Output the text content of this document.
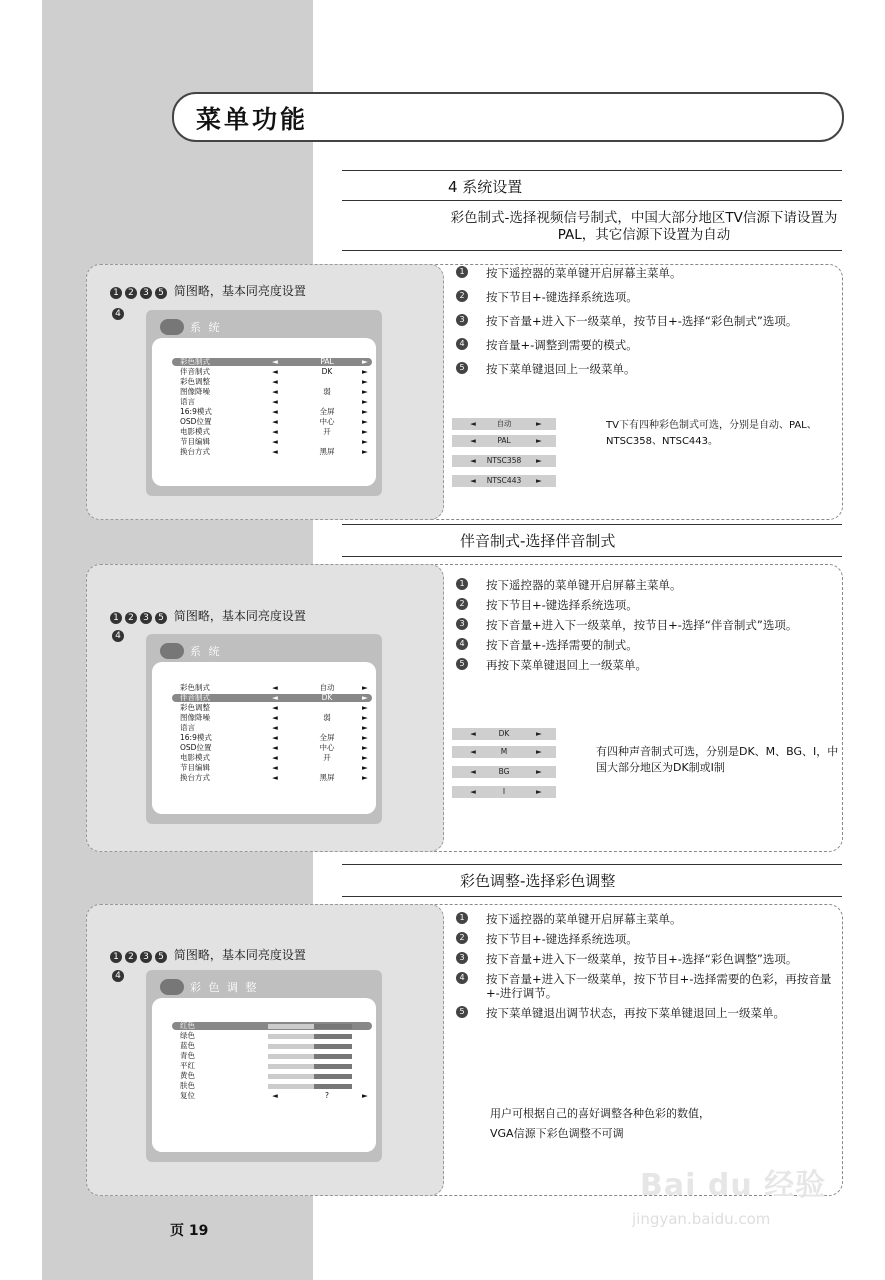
菜单功能
4 系统设置
彩色制式-选择视频信号制式，中国大部分地区TV信源下请设置为PAL，其它信源下设置为自动
1 2 3 5 简图略，基本同亮度设置
4
系 统
彩色制式	◄	PAL	►
伴音制式	◄	DK	►
彩色调整	◄	►
图像降噪	◄	弱	►
语言	◄	►
16:9模式	◄	全屏	►
OSD位置	◄	中心	►
电影模式	◄	开	►
节目编辑	◄	►
换台方式	◄	黑屏	►
1	按下遥控器的菜单键开启屏幕主菜单。
2	按下节目+-键选择系统选项。
3	按下音量+进入下一级菜单，按节目+-选择“彩色制式”选项。
4	按音量+-调整到需要的模式。
5	按下菜单键退回上一级菜单。
◄	自动	►
◄	PAL	►
◄	NTSC358	►
◄	NTSC443	►
TV下有四种彩色制式可选，分别是自动、PAL、NTSC358、NTSC443。
伴音制式-选择伴音制式
1 2 3 5 简图略，基本同亮度设置
4
系 统
彩色制式	◄	自动	►
伴音制式	◄	DK	►
彩色调整	◄	►
图像降噪	◄	弱	►
语言	◄	►
16:9模式	◄	全屏	►
OSD位置	◄	中心	►
电影模式	◄	开	►
节目编辑	◄	►
换台方式	◄	黑屏	►
1	按下遥控器的菜单键开启屏幕主菜单。
2	按下节目+-键选择系统选项。
3	按下音量+进入下一级菜单，按节目+-选择“伴音制式”选项。
4	按下音量+-选择需要的制式。
5	再按下菜单键退回上一级菜单。
◄	DK	►
◄	M	►
◄	BG	►
◄	I	►
有四种声音制式可选，分别是DK、M、BG、I，中国大部分地区为DK制或I制
彩色调整-选择彩色调整
1 2 3 5 简图略，基本同亮度设置
4
彩 色 调 整
红色
绿色
蓝色
青色
平红
黄色
肤色
复位	◄	?	►
1	按下遥控器的菜单键开启屏幕主菜单。
2	按下节目+-键选择系统选项。
3	按下音量+进入下一级菜单，按节目+-选择“彩色调整”选项。
4	按下音量+进入下一级菜单，按下节目+-选择需要的色彩，再按音量+-进行调节。
5	按下菜单键退出调节状态，再按下菜单键退回上一级菜单。
用户可根据自己的喜好调整各种色彩的数值，
VGA信源下彩色调整不可调
页 19
Bai du 经验
jingyan.baidu.com
